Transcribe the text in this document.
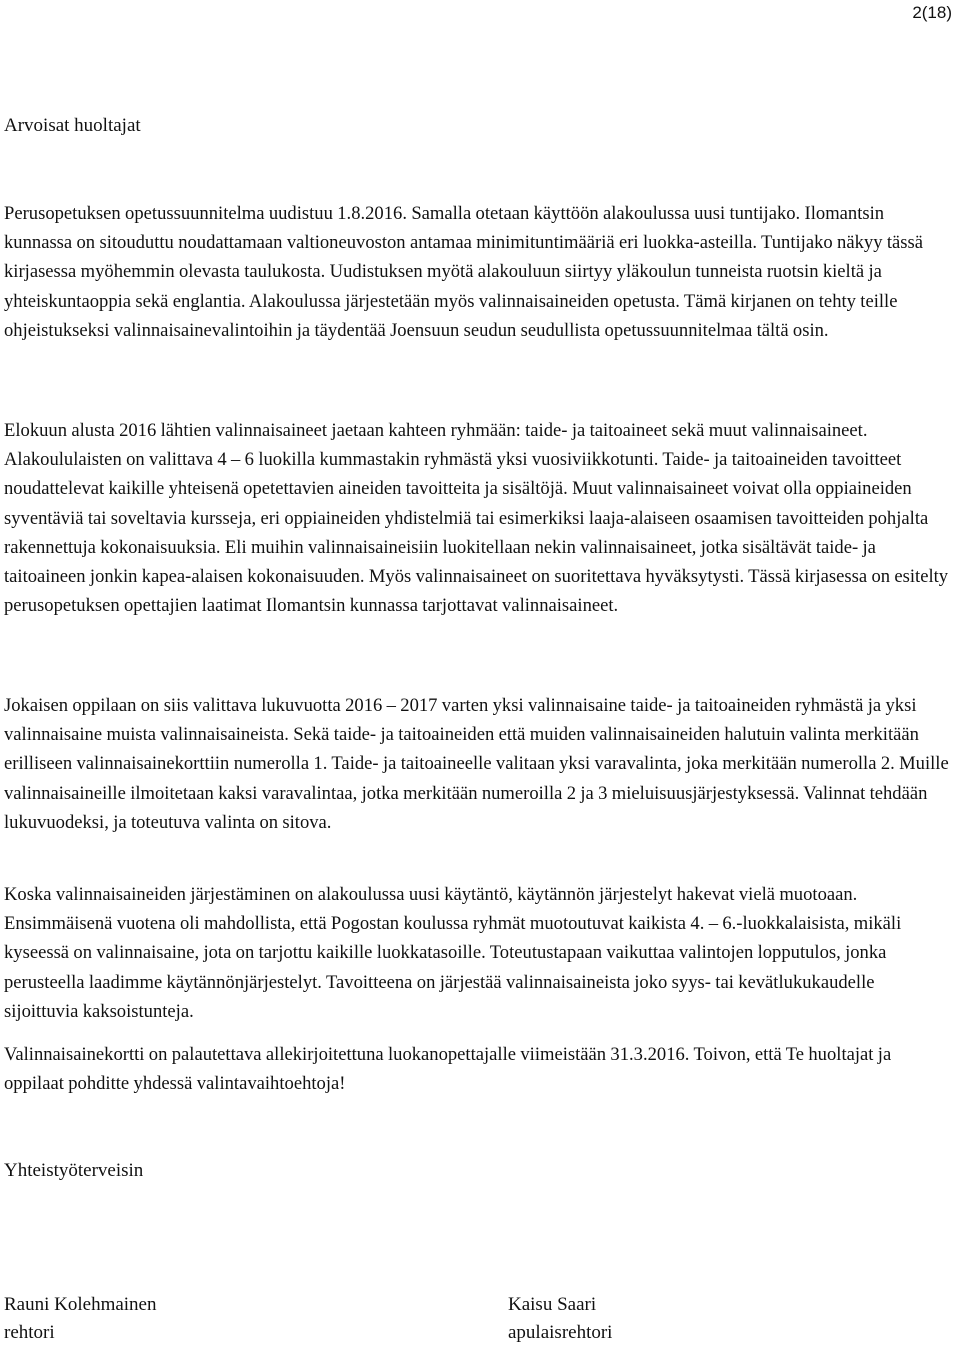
2(18)
Arvoisat huoltajat

Perusopetuksen opetussuunnitelma uudistuu 1.8.2016. Samalla otetaan käyttöön alakoulussa uusi tuntijako. Ilomantsin kunnassa on sitouduttu noudattamaan valtioneuvoston antamaa minimituntimääriä eri luokka-asteilla. Tuntijako näkyy tässä kirjasessa myöhemmin olevasta taulukosta. Uudistuksen myötä alakouluun siirtyy yläkoulun tunneista ruotsin kieltä ja yhteiskuntaoppia sekä englantia. Alakoulussa järjestetään myös valinnaisaineiden opetusta. Tämä kirjanen on tehty teille ohjeistukseksi valinnaisainevalintoihin ja täydentää Joensuun seudun seudullista opetussuunnitelmaa tältä osin.

Elokuun alusta 2016 lähtien valinnaisaineet jaetaan kahteen ryhmään: taide- ja taitoaineet sekä muut valinnaisaineet. Alakoululaisten on valittava 4 – 6 luokilla kummastakin ryhmästä yksi vuosiviikkotunti. Taide- ja taitoaineiden tavoitteet noudattelevat kaikille yhteisenä opetettavien aineiden tavoitteita ja sisältöjä. Muut valinnaisaineet voivat olla oppiaineiden syventäviä tai soveltavia kursseja, eri oppiaineiden yhdistelmiä tai esimerkiksi laaja-alaiseen osaamisen tavoitteiden pohjalta rakennettuja kokonaisuuksia. Eli muihin valinnaisaineisiin luokitellaan nekin valinnaisaineet, jotka sisältävät taide- ja taitoaineen jonkin kapea-alaisen kokonaisuuden. Myös valinnaisaineet on suoritettava hyväksytysti. Tässä kirjasessa on esitelty perusopetuksen opettajien laatimat Ilomantsin kunnassa tarjottavat valinnaisaineet.

Jokaisen oppilaan on siis valittava lukuvuotta 2016 – 2017 varten yksi valinnaisaine taide- ja taitoaineiden ryhmästä ja yksi valinnaisaine muista valinnaisaineista. Sekä taide- ja taitoaineiden että muiden valinnaisaineiden halutuin valinta merkitään erilliseen valinnaisainekorttiin numerolla 1. Taide- ja taitoaineelle valitaan yksi varavalinta, joka merkitään numerolla 2. Muille valinnaisaineille ilmoitetaan kaksi varavalintaa, jotka merkitään numeroilla 2 ja 3 mieluisuusjärjestyksessä. Valinnat tehdään lukuvuodeksi, ja toteutuva valinta on sitova.

Koska valinnaisaineiden järjestäminen on alakoulussa uusi käytäntö, käytännön järjestelyt hakevat vielä muotoaan. Ensimmäisenä vuotena oli mahdollista, että Pogostan koulussa ryhmät muotoutuvat kaikista 4. – 6.-luokkalaisista, mikäli kyseessä on valinnaisaine, jota on tarjottu kaikille luokkatasoille. Toteutustapaan vaikuttaa valintojen lopputulos, jonka perusteella laadimme käytännönjärjestelyt. Tavoitteena on järjestää valinnaisaineista joko syys- tai kevätlukukaudelle sijoittuvia kaksoistunteja.

Valinnaisainekortti on palautettava allekirjoitettuna luokanopettajalle viimeistään 31.3.2016. Toivon, että Te huoltajat ja oppilaat pohditte yhdessä valintavaihtoehtoja!

Yhteistyöterveisin
Rauni Kolehmainen
rehtori
Kaisu Saari
apulaisrehtori
